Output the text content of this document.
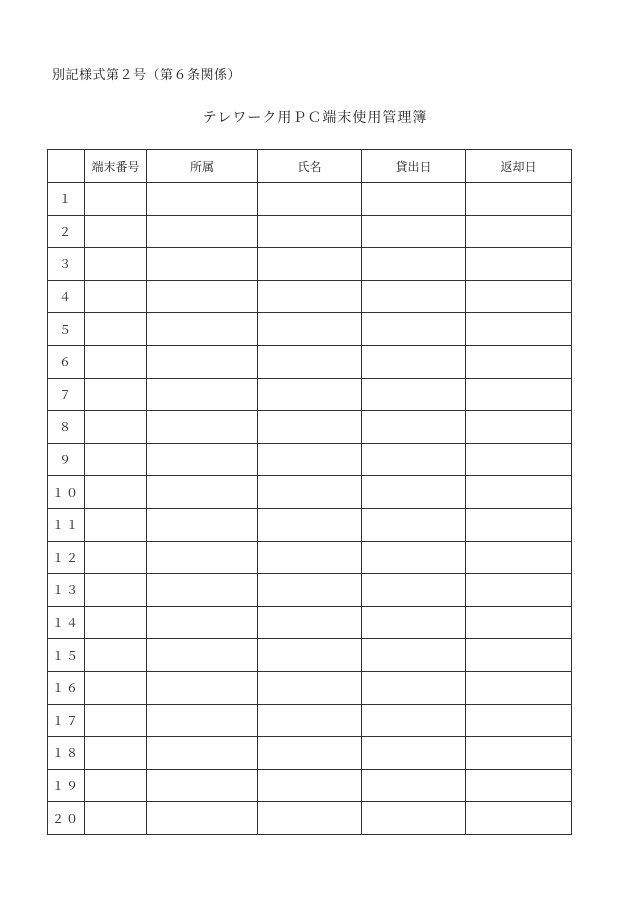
別記様式第２号（第６条関係）
テレワーク用ＰＣ端末使用管理簿
	端末番号	所属	氏名	貸出日	返却日
１					
２					
３					
４					
５					
６					
７					
８					
９					
１０					
１１					
１２					
１３					
１４					
１５					
１６					
１７					
１８					
１９					
２０					
